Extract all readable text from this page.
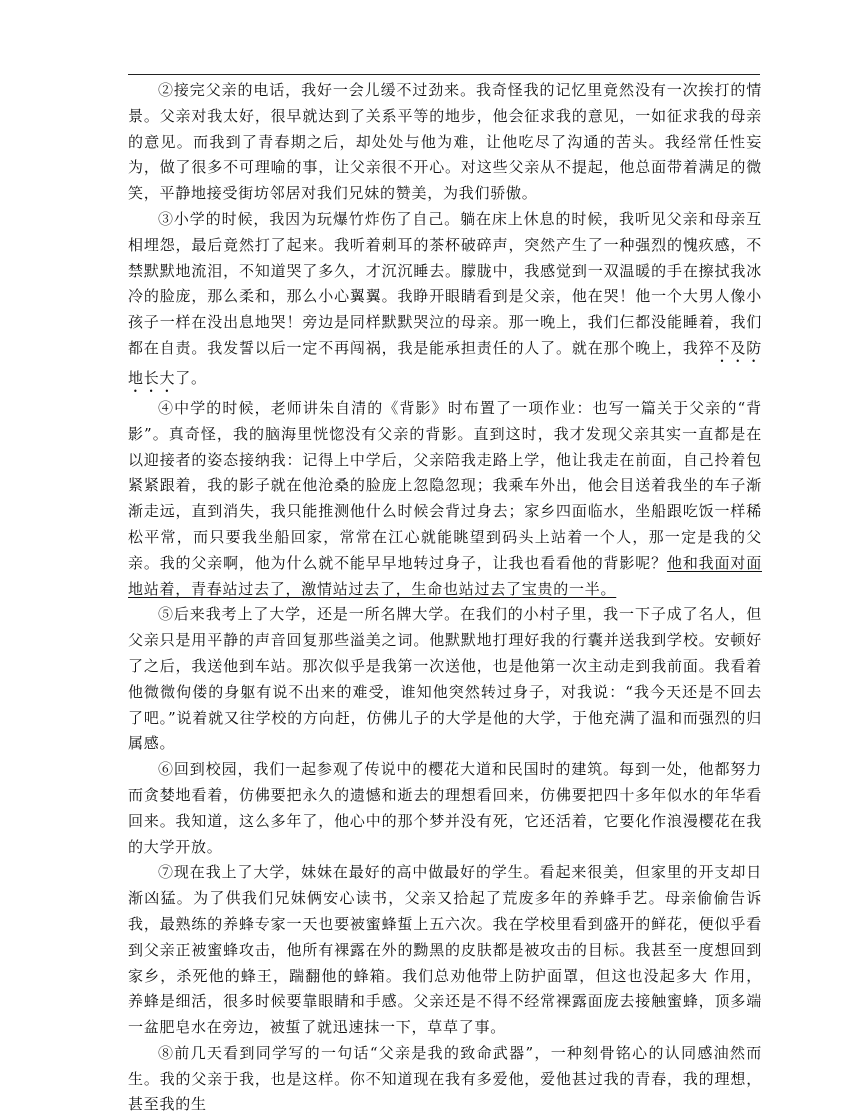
②接完父亲的电话，我好一会儿缓不过劲来。我奇怪我的记忆里竟然没有一次挨打的情景。父亲对我太好，很早就达到了关系平等的地步，他会征求我的意见，一如征求我的母亲的意见。而我到了青春期之后，却处处与他为难，让他吃尽了沟通的苦头。我经常任性妄为，做了很多不可理喻的事，让父亲很不开心。对这些父亲从不提起，他总面带着满足的微笑，平静地接受街坊邻居对我们兄妹的赞美，为我们骄傲。

③小学的时候，我因为玩爆竹炸伤了自己。躺在床上休息的时候，我听见父亲和母亲互相埋怨，最后竟然打了起来。我听着刺耳的茶杯破碎声，突然产生了一种强烈的愧疚感，不禁默默地流泪，不知道哭了多久，才沉沉睡去。朦胧中，我感觉到一双温暖的手在擦拭我冰冷的脸庞，那么柔和，那么小心翼翼。我睁开眼睛看到是父亲，他在哭！他一个大男人像小孩子一样在没出息地哭！旁边是同样默默哭泣的母亲。那一晚上，我们仨都没能睡着，我们都在自责。我发誓以后一定不再闯祸，我是能承担责任的人了。就在那个晚上，我猝不及防地长大了。

④中学的时候，老师讲朱自清的《背影》时布置了一项作业：也写一篇关于父亲的“背影”。真奇怪，我的脑海里恍惚没有父亲的背影。直到这时，我才发现父亲其实一直都是在以迎接者的姿态接纳我：记得上中学后，父亲陪我走路上学，他让我走在前面，自己拎着包紧紧跟着，我的影子就在他沧桑的脸庞上忽隐忽现；我乘车外出，他会目送着我坐的车子渐渐走远，直到消失，我只能推测他什么时候会背过身去；家乡四面临水，坐船跟吃饭一样稀松平常，而只要我坐船回家，常常在江心就能眺望到码头上站着一个人，那一定是我的父亲。我的父亲啊，他为什么就不能早早地转过身子，让我也看看他的背影呢？他和我面对面地站着，青春站过去了，激情站过去了，生命也站过去了宝贵的一半。

⑤后来我考上了大学，还是一所名牌大学。在我们的小村子里，我一下子成了名人，但父亲只是用平静的声音回复那些溢美之词。他默默地打理好我的行囊并送我到学校。安顿好了之后，我送他到车站。那次似乎是我第一次送他，也是他第一次主动走到我前面。我看着他微微佝偻的身躯有说不出来的难受，谁知他突然转过身子，对我说：“我今天还是不回去了吧。”说着就又往学校的方向赶，仿佛儿子的大学是他的大学，于他充满了温和而强烈的归属感。

⑥回到校园，我们一起参观了传说中的樱花大道和民国时的建筑。每到一处，他都努力而贪婪地看着，仿佛要把永久的遗憾和逝去的理想看回来，仿佛要把四十多年似水的年华看回来。我知道，这么多年了，他心中的那个梦并没有死，它还活着，它要化作浪漫樱花在我的大学开放。

⑦现在我上了大学，妹妹在最好的高中做最好的学生。看起来很美，但家里的开支却日渐凶猛。为了供我们兄妹俩安心读书，父亲又拾起了荒废多年的养蜂手艺。母亲偷偷告诉我，最熟练的养蜂专家一天也要被蜜蜂蜇上五六次。我在学校里看到盛开的鲜花，便似乎看到父亲正被蜜蜂攻击，他所有裸露在外的黝黑的皮肤都是被攻击的目标。我甚至一度想回到家乡，杀死他的蜂王，踹翻他的蜂箱。我们总劝他带上防护面罩，但这也没起多大 作用，养蜂是细活，很多时候要靠眼睛和手感。父亲还是不得不经常裸露面庞去接触蜜蜂，顶多端一盆肥皂水在旁边，被蜇了就迅速抹一下，草草了事。

⑧前几天看到同学写的一句话“父亲是我的致命武器”，一种刻骨铭心的认同感油然而生。我的父亲于我，也是这样。你不知道现在我有多爱他，爱他甚过我的青春，我的理想，甚至我的生
